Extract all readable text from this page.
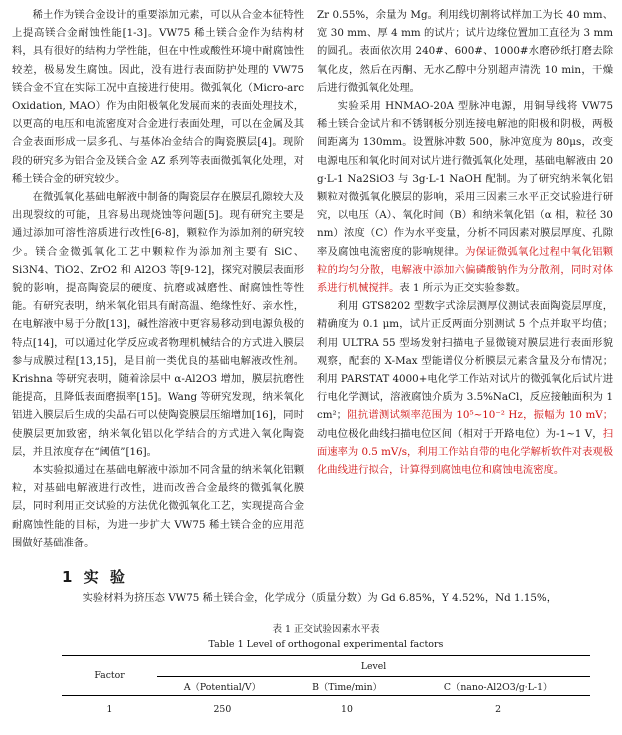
稀土作为镁合金设计的重要添加元素，可以从合金本征特性上提高镁合金耐蚀性能[1-3]。VW75 稀土镁合金作为结构材料，具有很好的结构力学性能，但在中性或酸性环境中耐腐蚀性较差，极易发生腐蚀。因此，没有进行表面防护处理的 VW75 镁合金不宜在实际工况中直接进行使用。微弧氧化（Micro-arc Oxidation, MAO）作为由阳极氧化发展而来的表面处理技术，以更高的电压和电流密度对合金进行表面处理，可以在金属及其合金表面形成一层多孔、与基体冶金结合的陶瓷膜层[4]。现阶段的研究多为铝合金及镁合金 AZ 系列等表面微弧氧化处理，对稀土镁合金的研究较少。

在微弧氧化基础电解液中制备的陶瓷层存在膜层孔隙较大及出现裂纹的可能，且容易出现烧蚀等问题[5]。现有研究主要是通过添加可溶性溶质进行改性[6-8]，颗粒作为添加剂的研究较少。镁合金微弧氧化工艺中颗粒作为添加剂主要有 SiC、Si3N4、TiO2、ZrO2 和 Al2O3 等[9-12]，探究对膜层表面形貌的影响，提高陶瓷层的硬度、抗磨或减磨性、耐腐蚀性等性能。有研究表明，纳米氧化铝具有耐高温、绝缘性好、亲水性，在电解液中易于分散[13]，碱性溶液中更容易移动到电源负极的特点[14]，可以通过化学反应或者物理机械结合的方式进入膜层参与成膜过程[13,15]，是目前一类优良的基础电解液改性剂。Krishna 等研究表明，随着涂层中 α-Al2O3 增加，膜层抗磨性能提高，且降低表面磨损率[15]。Wang 等研究发现，纳米氧化铝进入膜层后生成的尖晶石可以使陶瓷膜层压缩增加[16]，同时使膜层更加致密，纳米氧化铝以化学结合的方式进入氧化陶瓷层，并且浓度存在“阈值”[16]。

本实验拟通过在基础电解液中添加不同含量的纳米氧化铝颗粒，对基础电解液进行改性，进而改善合金最终的微弧氧化膜层，同时利用正交试验的方法优化微弧氧化工艺，实现提高合金耐腐蚀性能的目标，为进一步扩大 VW75 稀土镁合金的应用范围做好基础准备。

Zr 0.55%，余量为 Mg。利用线切割将试样加工为长 40 mm、宽 30 mm、厚 4 mm 的试片；试片边缘位置加工直径为 3 mm 的圆孔。表面依次用 240#、600#、1000#水磨砂纸打磨去除氧化皮，然后在丙酮、无水乙醇中分别超声清洗 10 min，干燥后进行微弧氧化处理。

实验采用 HNMAO-20A 型脉冲电源，用铜导线将 VW75 稀土镁合金试片和不锈钢板分别连接电解池的阳极和阴极，两极间距离为 130mm。设置脉冲数 500，脉冲宽度为 80μs，改变电源电压和氧化时间对试片进行微弧氧化处理，基础电解液由 20 g·L-1 Na2SiO3 与 3g·L-1 NaOH 配制。为了研究纳米氧化铝颗粒对微弧氧化膜层的影响，采用三因素三水平正交试验进行研究，以电压（A）、氧化时间（B）和纳米氧化铝（α 相，粒径 30 nm）浓度（C）作为水平变量，分析不同因素对膜层厚度、孔隙率及腐蚀电流密度的影响规律。为保证微弧氧化过程中氧化铝颗粒的均匀分散，电解液中添加六偏磷酸钠作为分散剂，同时对体系进行机械搅拌。表 1 所示为正交实验参数。

利用 GTS8202 型数字式涂层测厚仪测试表面陶瓷层厚度，精确度为 0.1 μm，试片正反两面分别测试 5 个点并取平均值；利用 ULTRA 55 型场发射扫描电子显微镜对膜层进行表面形貌观察，配套的 X-Max 型能谱仪分析膜层元素含量及分布情况；利用 PARSTAT 4000+电化学工作站对试片的微弧氧化后试片进行电化学测试，溶液腐蚀介质为 3.5%NaCl，反应接触面积为 1 cm²；阻抗谱测试频率范围为 10⁵~10⁻² Hz，振幅为 10 mV；动电位极化曲线扫描电位区间（相对于开路电位）为-1~1 V，扫面速率为 0.5 mV/s，利用工作站自带的电化学解析软件对表观极化曲线进行拟合，计算得到腐蚀电位和腐蚀电流密度。

1 实 验

实验材料为挤压态 VW75 稀土镁合金，化学成分（质量分数）为 Gd 6.85%，Y 4.52%，Nd 1.15%，

表 1 正交试验因素水平表
Table 1 Level of orthogonal experimental factors
Factor	Level		
	A（Potential/V）	B（Time/min）	C（nano-Al2O3/g·L-1）
1	250	10	2
